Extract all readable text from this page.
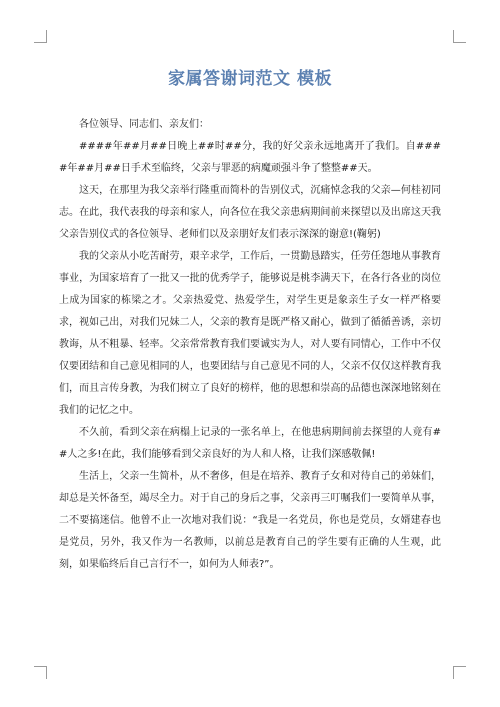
家属答谢词范文 模板

各位领导、同志们、亲友们：

####年##月##日晚上##时##分，我的好父亲永远地离开了我们。自####年##月##日手术至临终，父亲与罪恶的病魔顽强斗争了整整##天。

这天，在那里为我父亲举行隆重而简朴的告别仪式，沉痛悼念我的父亲—何桂初同志。在此，我代表我的母亲和家人，向各位在我父亲患病期间前来探望以及出席这天我父亲告别仪式的各位领导、老师们以及亲朋好友们表示深深的谢意!(鞠躬)

我的父亲从小吃苦耐劳，艰辛求学，工作后，一贯勤恳踏实，任劳任怨地从事教育事业，为国家培育了一批又一批的优秀学子，能够说是桃李满天下，在各行各业的岗位上成为国家的栋梁之才。父亲热爱党、热爱学生，对学生更是象亲生子女一样严格要求，视如己出，对我们兄妹二人，父亲的教育是既严格又耐心，做到了循循善诱，亲切教诲，从不粗暴、轻率。父亲常常教育我们要诚实为人，对人要有同情心，工作中不仅仅要团结和自己意见相同的人，也要团结与自己意见不同的人，父亲不仅仅这样教育我们，而且言传身教，为我们树立了良好的榜样，他的思想和崇高的品德也深深地铭刻在我们的记忆之中。

不久前，看到父亲在病榻上记录的一张名单上，在他患病期间前去探望的人竟有##人之多!在此，我们能够看到父亲良好的为人和人格，让我们深感敬佩!

生活上，父亲一生简朴，从不奢侈，但是在培养、教育子女和对待自己的弟妹们，却总是关怀备至，竭尽全力。对于自己的身后之事，父亲再三叮嘱我们一要简单从事，二不要搞迷信。他曾不止一次地对我们说：“我是一名党员，你也是党员，女婿建春也是党员，另外，我又作为一名教师，以前总是教育自己的学生要有正确的人生观，此刻，如果临终后自己言行不一，如何为人师表?”。
